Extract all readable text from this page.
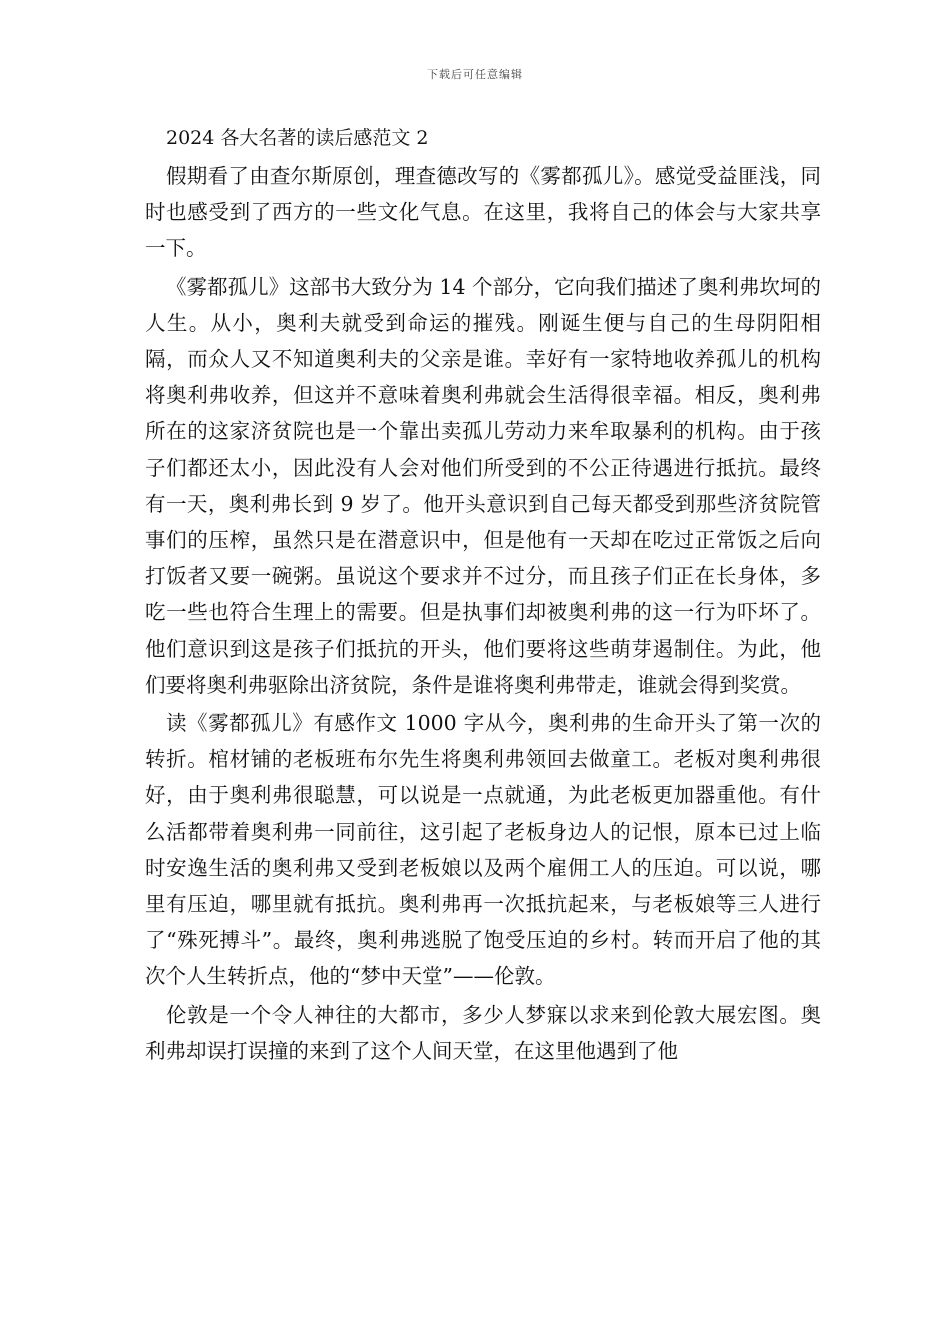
下载后可任意编辑
2024 各大名著的读后感范文 2

假期看了由查尔斯原创，理查德改写的《雾都孤儿》。感觉受益匪浅，同时也感受到了西方的一些文化气息。在这里，我将自己的体会与大家共享一下。

《雾都孤儿》这部书大致分为 14 个部分，它向我们描述了奥利弗坎坷的人生。从小，奥利夫就受到命运的摧残。刚诞生便与自己的生母阴阳相隔，而众人又不知道奥利夫的父亲是谁。幸好有一家特地收养孤儿的机构将奥利弗收养，但这并不意味着奥利弗就会生活得很幸福。相反，奥利弗所在的这家济贫院也是一个靠出卖孤儿劳动力来牟取暴利的机构。由于孩子们都还太小，因此没有人会对他们所受到的不公正待遇进行抵抗。最终有一天，奥利弗长到 9 岁了。他开头意识到自己每天都受到那些济贫院管事们的压榨，虽然只是在潜意识中，但是他有一天却在吃过正常饭之后向打饭者又要一碗粥。虽说这个要求并不过分，而且孩子们正在长身体，多吃一些也符合生理上的需要。但是执事们却被奥利弗的这一行为吓坏了。他们意识到这是孩子们抵抗的开头，他们要将这些萌芽遏制住。为此，他们要将奥利弗驱除出济贫院，条件是谁将奥利弗带走，谁就会得到奖赏。

读《雾都孤儿》有感作文 1000 字从今，奥利弗的生命开头了第一次的转折。棺材铺的老板班布尔先生将奥利弗领回去做童工。老板对奥利弗很好，由于奥利弗很聪慧，可以说是一点就通，为此老板更加器重他。有什么活都带着奥利弗一同前往，这引起了老板身边人的记恨，原本已过上临时安逸生活的奥利弗又受到老板娘以及两个雇佣工人的压迫。可以说，哪里有压迫，哪里就有抵抗。奥利弗再一次抵抗起来，与老板娘等三人进行了“殊死搏斗”。最终，奥利弗逃脱了饱受压迫的乡村。转而开启了他的其次个人生转折点，他的“梦中天堂”——伦敦。

伦敦是一个令人神往的大都市，多少人梦寐以求来到伦敦大展宏图。奥利弗却误打误撞的来到了这个人间天堂，在这里他遇到了他
